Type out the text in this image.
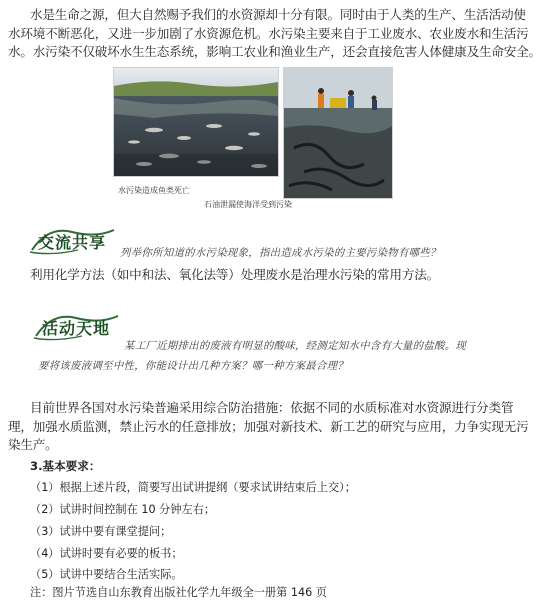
水是生命之源，但大自然赐予我们的水资源却十分有限。同时由于人类的生产、生活活动使
水环境不断恶化，又进一步加剧了水资源危机。水污染主要来自于工业废水、农业废水和生活污
水。水污染不仅破坏水生生态系统，影响工农业和渔业生产，还会直接危害人体健康及生命安全。
水污染造成鱼类死亡
石油泄漏使海洋受到污染
交流共享
列举你所知道的水污染现象，指出造成水污染的主要污染物有哪些？
利用化学方法（如中和法、氧化法等）处理废水是治理水污染的常用方法。
活动天地
某工厂近期排出的废液有明显的酸味，经测定知水中含有大量的盐酸。现
要将该废液调至中性，你能设计出几种方案？哪一种方案最合理？
目前世界各国对水污染普遍采用综合防治措施：依据不同的水质标准对水资源进行分类管
理，加强水质监测，禁止污水的任意排放；加强对新技术、新工艺的研究与应用，力争实现无污
染生产。
3.基本要求：
（1）根据上述片段，简要写出试讲提纲（要求试讲结束后上交）；
（2）试讲时间控制在 10 分钟左右；
（3）试讲中要有课堂提问；
（4）试讲时要有必要的板书；
（5）试讲中要结合生活实际。
注：图片节选自山东教育出版社化学九年级全一册第 146 页
